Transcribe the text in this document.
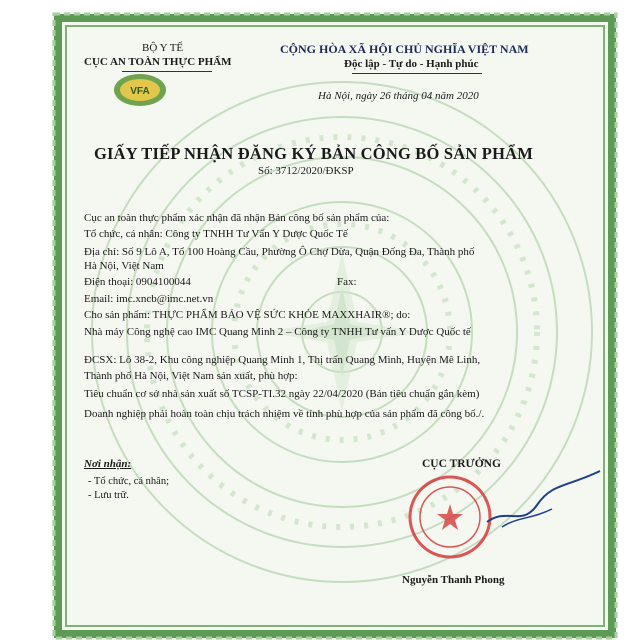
VFA
BỘ Y TẾ
CỤC AN TOÀN THỰC PHẨM
CỘNG HÒA XÃ HỘI CHỦ NGHĨA VIỆT NAM
Độc lập - Tự do - Hạnh phúc
Hà Nội, ngày 26 tháng 04 năm 2020
GIẤY TIẾP NHẬN ĐĂNG KÝ BẢN CÔNG BỐ SẢN PHẨM
Số: 3712/2020/ĐKSP
Cục an toàn thực phẩm xác nhận đã nhận Bản công bố sản phẩm của:
Tổ chức, cá nhân: Công ty TNHH Tư Vấn Y Dược Quốc Tế
Địa chỉ: Số 9 Lô A, Tổ 100 Hoàng Cầu, Phường Ô Chợ Dừa, Quận Đống Đa, Thành phố
Hà Nội, Việt Nam
Điện thoại: 0904100044	Fax:
Email: imc.xncb@imc.net.vn
Cho sản phẩm: THỰC PHẨM BẢO VỆ SỨC KHỎE MAXXHAIR®; do:
Nhà máy Công nghệ cao IMC Quang Minh 2 – Công ty TNHH Tư vấn Y Dược Quốc tế
ĐCSX: Lô 38-2, Khu công nghiệp Quang Minh 1, Thị trấn Quang Minh, Huyện Mê Linh,
Thành phố Hà Nội, Việt Nam sản xuất, phù hợp:
Tiêu chuẩn cơ sở nhà sản xuất số TCSP-TI.32 ngày 22/04/2020 (Bản tiêu chuẩn gắn kèm)
Doanh nghiệp phải hoàn toàn chịu trách nhiệm về tính phù hợp của sản phẩm đã công bố./.
Nơi nhận:
- Tổ chức, cá nhân;
- Lưu trữ.
CỤC TRƯỞNG
Nguyễn Thanh Phong
